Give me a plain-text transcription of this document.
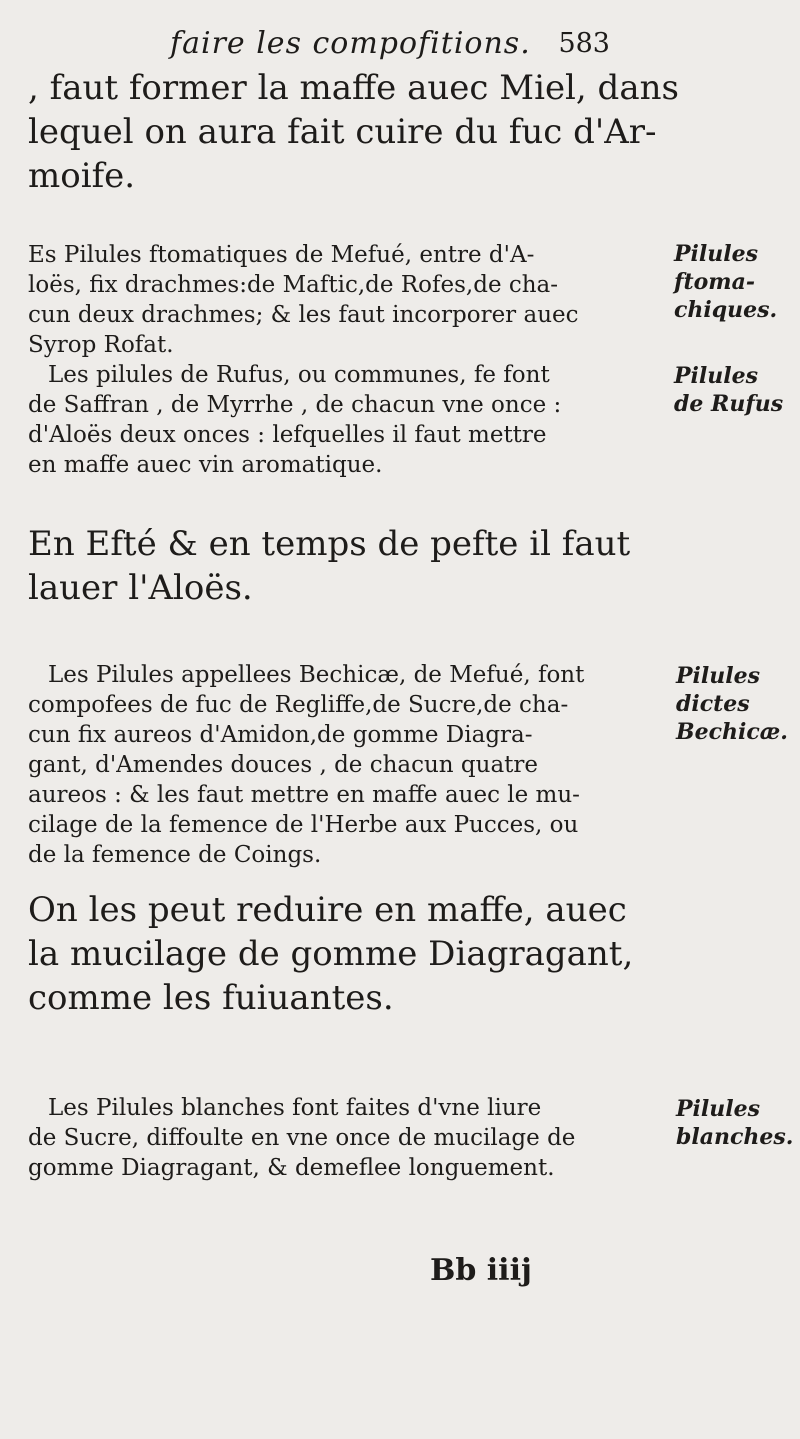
faire les compofitions. 583
, faut former la maffe auec Miel, dans
lequel on aura fait cuire du fuc d'Ar-
moife.
Es Pilules ftomatiques de Mefué, entre d'A-
loës, fix drachmes:de Maftic,de Rofes,de cha-
cun deux drachmes; & les faut incorporer auec
Syrop Rofat.
Les pilules de Rufus, ou communes, fe font
de Saffran , de Myrrhe , de chacun vne once :
d'Aloës deux onces : lefquelles il faut mettre
en maffe auec vin aromatique.
En Efté & en temps de pefte il faut
lauer l'Aloës.
Les Pilules appellees Bechicæ, de Mefué, font
compofees de fuc de Regliffe,de Sucre,de cha-
cun fix aureos d'Amidon,de gomme Diagra-
gant, d'Amendes douces , de chacun quatre
aureos : & les faut mettre en maffe auec le mu-
cilage de la femence de l'Herbe aux Pucces, ou
de la femence de Coings.
On les peut reduire en maffe, auec
la mucilage de gomme Diagragant,
comme les fuiuantes.
Les Pilules blanches font faites d'vne liure
de Sucre, diffoulte en vne once de mucilage de
gomme Diagragant, & demeflee longuement.
Pilules
ftoma-
chiques.
Pilules
de Rufus
Pilules
dictes
Bechicæ.
Pilules
blanches.
Bb iiij
